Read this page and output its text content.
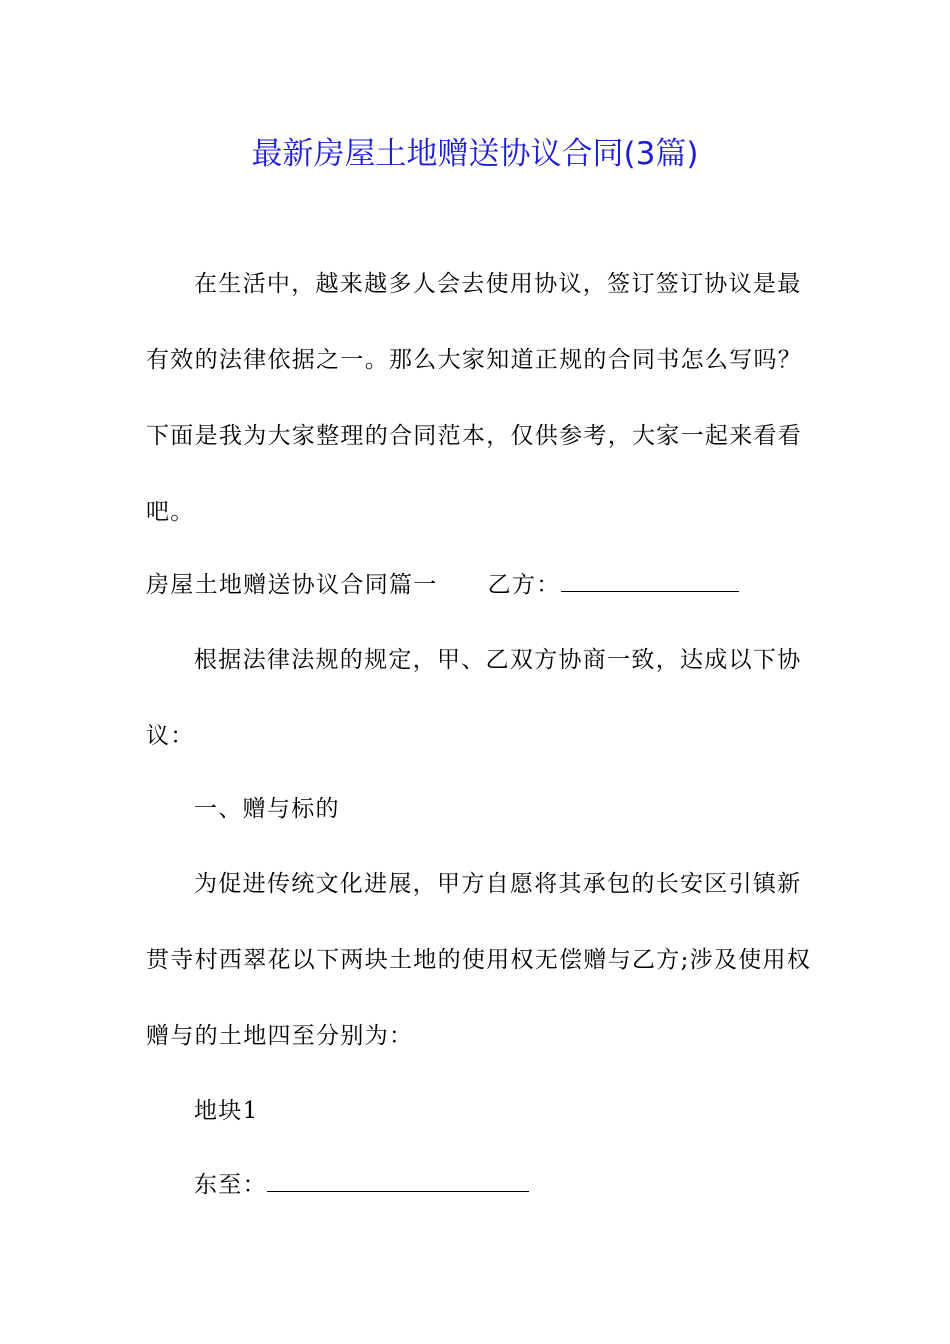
最新房屋土地赠送协议合同(3篇)

在生活中，越来越多人会去使用协议，签订签订协议是最

有效的法律依据之一。那么大家知道正规的合同书怎么写吗？

下面是我为大家整理的合同范本，仅供参考，大家一起来看看

吧。

房屋土地赠送协议合同篇一 乙方：

根据法律法规的规定，甲、乙双方协商一致，达成以下协

议：

一、赠与标的

为促进传统文化进展，甲方自愿将其承包的长安区引镇新

贯寺村西翠花以下两块土地的使用权无偿赠与乙方;涉及使用权

赠与的土地四至分别为：

地块1

东至：
